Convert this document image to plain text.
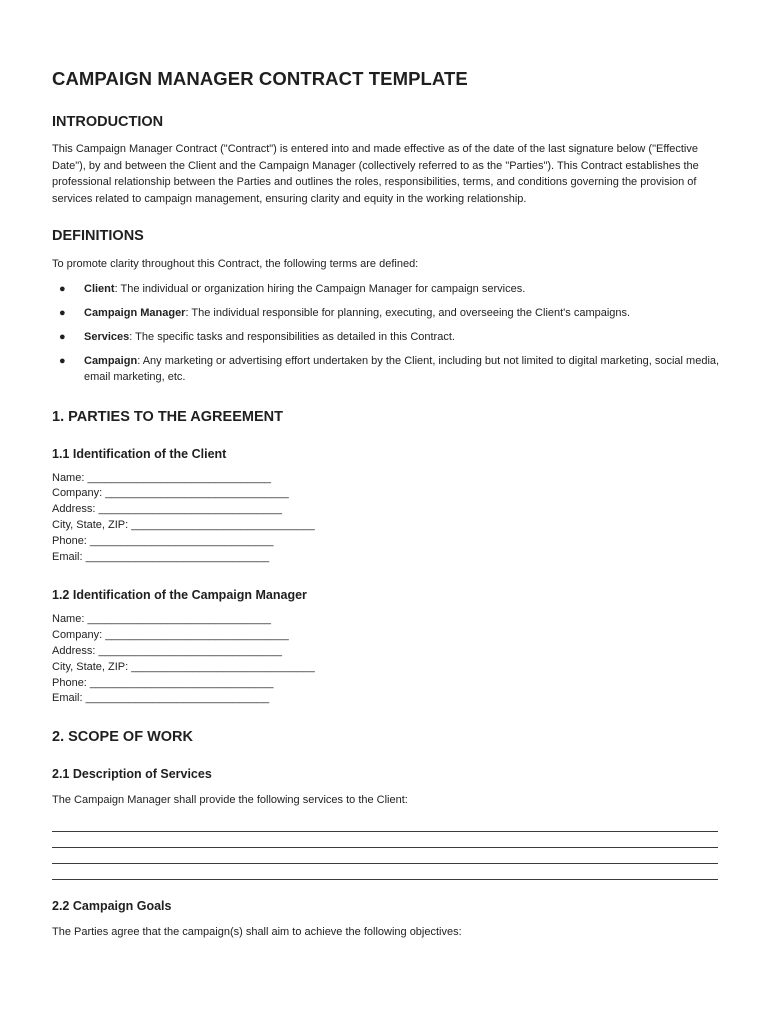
CAMPAIGN MANAGER CONTRACT TEMPLATE
INTRODUCTION

This Campaign Manager Contract ("Contract") is entered into and made effective as of the date of the last signature below ("Effective Date"), by and between the Client and the Campaign Manager (collectively referred to as the "Parties"). This Contract establishes the professional relationship between the Parties and outlines the roles, responsibilities, terms, and conditions governing the provision of services related to campaign management, ensuring clarity and equity in the working relationship.

DEFINITIONS

To promote clarity throughout this Contract, the following terms are defined:

● Client: The individual or organization hiring the Campaign Manager for campaign services.
● Campaign Manager: The individual responsible for planning, executing, and overseeing the Client's campaigns.
● Services: The specific tasks and responsibilities as detailed in this Contract.
● Campaign: Any marketing or advertising effort undertaken by the Client, including but not limited to digital marketing, social media, email marketing, etc.
1. PARTIES TO THE AGREEMENT
1.1 Identification of the Client

Name: ______________________________

Company: ______________________________

Address: ______________________________

City, State, ZIP: ______________________________

Phone: ______________________________

Email: ______________________________

1.2 Identification of the Campaign Manager

Name: ______________________________

Company: ______________________________

Address: ______________________________

City, State, ZIP: ______________________________

Phone: ______________________________

Email: ______________________________

2. SCOPE OF WORK
2.1 Description of Services

The Campaign Manager shall provide the following services to the Client:

2.2 Campaign Goals

The Parties agree that the campaign(s) shall aim to achieve the following objectives:
